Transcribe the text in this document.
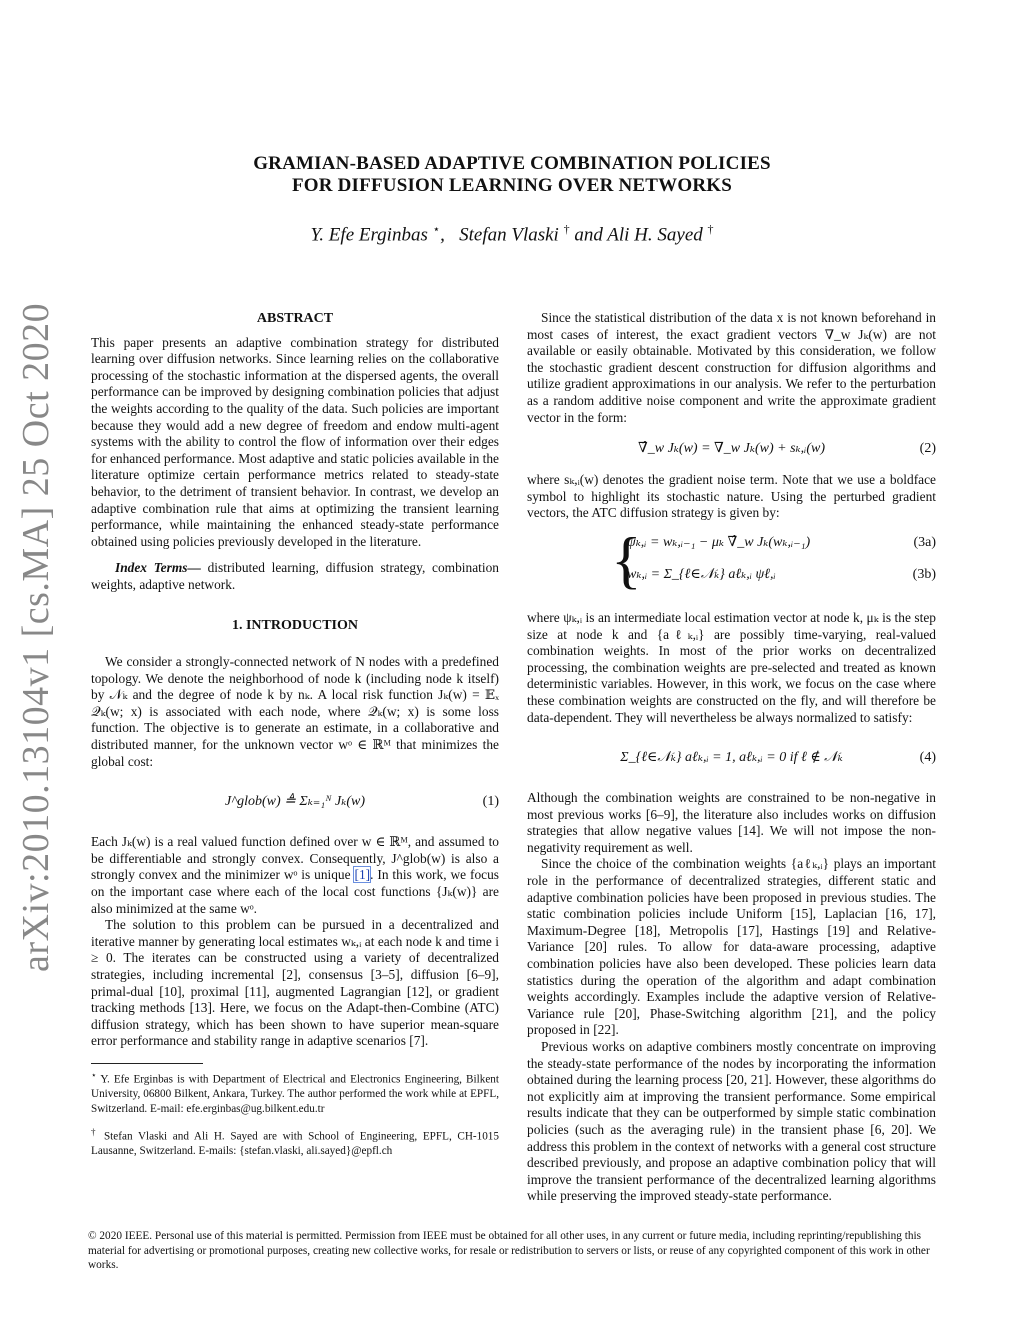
arXiv:2010.13104v1 [cs.MA] 25 Oct 2020
GRAMIAN-BASED ADAPTIVE COMBINATION POLICIES
FOR DIFFUSION LEARNING OVER NETWORKS
Y. Efe Erginbas ⋆,   Stefan Vlaski † and Ali H. Sayed †
ABSTRACT

This paper presents an adaptive combination strategy for distributed learning over diffusion networks. Since learning relies on the collaborative processing of the stochastic information at the dispersed agents, the overall performance can be improved by designing combination policies that adjust the weights according to the quality of the data. Such policies are important because they would add a new degree of freedom and endow multi-agent systems with the ability to control the flow of information over their edges for enhanced performance. Most adaptive and static policies available in the literature optimize certain performance metrics related to steady-state behavior, to the detriment of transient behavior. In contrast, we develop an adaptive combination rule that aims at optimizing the transient learning performance, while maintaining the enhanced steady-state performance obtained using policies previously developed in the literature.

Index Terms— distributed learning, diffusion strategy, combination weights, adaptive network.

1. INTRODUCTION

We consider a strongly-connected network of N nodes with a predefined topology. We denote the neighborhood of node k (including node k itself) by 𝒩ₖ and the degree of node k by nₖ. A local risk function Jₖ(w) = 𝔼ₓ 𝒬ₖ(w; x) is associated with each node, where 𝒬ₖ(w; x) is some loss function. The objective is to generate an estimate, in a collaborative and distributed manner, for the unknown vector wᵒ ∈ ℝᴹ that minimizes the global cost:

J^glob(w) ≜ Σₖ₌₁ᴺ Jₖ(w)	(1)

Each Jₖ(w) is a real valued function defined over w ∈ ℝᴹ, and assumed to be differentiable and strongly convex. Consequently, J^glob(w) is also a strongly convex and the minimizer wᵒ is unique [1]. In this work, we focus on the important case where each of the local cost functions {Jₖ(w)} are also minimized at the same wᵒ.

The solution to this problem can be pursued in a decentralized and iterative manner by generating local estimates wₖ,ᵢ at each node k and time i ≥ 0. The iterates can be constructed using a variety of decentralized strategies, including incremental [2], consensus [3–5], diffusion [6–9], primal-dual [10], proximal [11], augmented Lagrangian [12], or gradient tracking methods [13]. Here, we focus on the Adapt-then-Combine (ATC) diffusion strategy, which has been shown to have superior mean-square error performance and stability range in adaptive scenarios [7].

⋆ Y. Efe Erginbas is with Department of Electrical and Electronics Engineering, Bilkent University, 06800 Bilkent, Ankara, Turkey. The author performed the work while at EPFL, Switzerland. E-mail: efe.erginbas@ug.bilkent.edu.tr
† Stefan Vlaski and Ali H. Sayed are with School of Engineering, EPFL, CH-1015 Lausanne, Switzerland. E-mails: {stefan.vlaski, ali.sayed}@epfl.ch

Since the statistical distribution of the data x is not known beforehand in most cases of interest, the exact gradient vectors ∇_w Jₖ(w) are not available or easily obtainable. Motivated by this consideration, we follow the stochastic gradient descent construction for diffusion algorithms and utilize gradient approximations in our analysis. We refer to the perturbation as a random additive noise component and write the approximate gradient vector in the form:

∇̂_w Jₖ(w) = ∇_w Jₖ(w) + sₖ,ᵢ(w)	(2)

where sₖ,ᵢ(w) denotes the gradient noise term. Note that we use a boldface symbol to highlight its stochastic nature. Using the perturbed gradient vectors, the ATC diffusion strategy is given by:

{
ψₖ,ᵢ = wₖ,ᵢ₋₁ − μₖ ∇̂_w Jₖ(wₖ,ᵢ₋₁)	(3a)
wₖ,ᵢ = Σ_{ℓ∈𝒩ₖ} aℓₖ,ᵢ ψℓ,ᵢ	(3b)

where ψₖ,ᵢ is an intermediate local estimation vector at node k, μₖ is the step size at node k and {aℓₖ,ᵢ} are possibly time-varying, real-valued combination weights. In most of the prior works on decentralized processing, the combination weights are pre-selected and treated as known deterministic variables. However, in this work, we focus on the case where these combination weights are constructed on the fly, and will therefore be data-dependent. They will nevertheless be always normalized to satisfy:

Σ_{ℓ∈𝒩ₖ} aℓₖ,ᵢ = 1, aℓₖ,ᵢ = 0 if ℓ ∉ 𝒩ₖ	(4)

Although the combination weights are constrained to be non-negative in most previous works [6–9], the literature also includes works on diffusion strategies that allow negative values [14]. We will not impose the non-negativity requirement as well.

Since the choice of the combination weights {aℓₖ,ᵢ} plays an important role in the performance of decentralized strategies, different static and adaptive combination policies have been proposed in previous studies. The static combination policies include Uniform [15], Laplacian [16, 17], Maximum-Degree [18], Metropolis [17], Hastings [19] and Relative-Variance [20] rules. To allow for data-aware processing, adaptive combination policies have also been developed. These policies learn data statistics during the operation of the algorithm and adapt combination weights accordingly. Examples include the adaptive version of Relative-Variance rule [20], Phase-Switching algorithm [21], and the policy proposed in [22].

Previous works on adaptive combiners mostly concentrate on improving the steady-state performance of the nodes by incorporating the information obtained during the learning process [20, 21]. However, these algorithms do not explicitly aim at improving the transient performance. Some empirical results indicate that they can be outperformed by simple static combination policies (such as the averaging rule) in the transient phase [6, 20]. We address this problem in the context of networks with a general cost structure described previously, and propose an adaptive combination policy that will improve the transient performance of the decentralized learning algorithms while preserving the improved steady-state performance.

© 2020 IEEE. Personal use of this material is permitted. Permission from IEEE must be obtained for all other uses, in any current or future media, including reprinting/republishing this material for advertising or promotional purposes, creating new collective works, for resale or redistribution to servers or lists, or reuse of any copyrighted component of this work in other works.
